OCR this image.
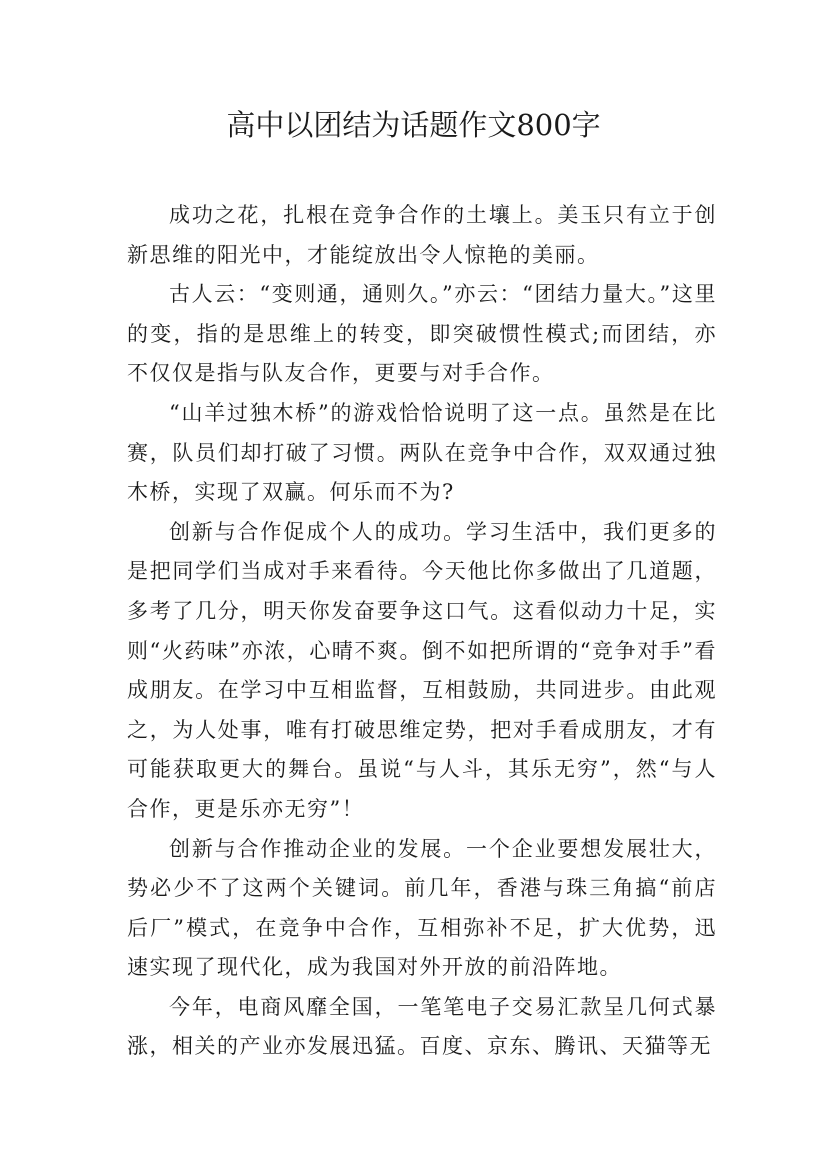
高中以团结为话题作文800字

成功之花，扎根在竞争合作的土壤上。美玉只有立于创新思维的阳光中，才能绽放出令人惊艳的美丽。

古人云：“变则通，通则久。”亦云：“团结力量大。”这里的变，指的是思维上的转变，即突破惯性模式;而团结，亦不仅仅是指与队友合作，更要与对手合作。

“山羊过独木桥”的游戏恰恰说明了这一点。虽然是在比赛，队员们却打破了习惯。两队在竞争中合作，双双通过独木桥，实现了双赢。何乐而不为?

创新与合作促成个人的成功。学习生活中，我们更多的是把同学们当成对手来看待。今天他比你多做出了几道题，多考了几分，明天你发奋要争这口气。这看似动力十足，实则“火药味”亦浓，心晴不爽。倒不如把所谓的“竞争对手”看成朋友。在学习中互相监督，互相鼓励，共同进步。由此观之，为人处事，唯有打破思维定势，把对手看成朋友，才有可能获取更大的舞台。虽说“与人斗，其乐无穷”，然“与人合作，更是乐亦无穷”！

创新与合作推动企业的发展。一个企业要想发展壮大，势必少不了这两个关键词。前几年，香港与珠三角搞“前店后厂”模式，在竞争中合作，互相弥补不足，扩大优势，迅速实现了现代化，成为我国对外开放的前沿阵地。

今年，电商风靡全国，一笔笔电子交易汇款呈几何式暴涨，相关的产业亦发展迅猛。百度、京东、腾讯、天猫等无
